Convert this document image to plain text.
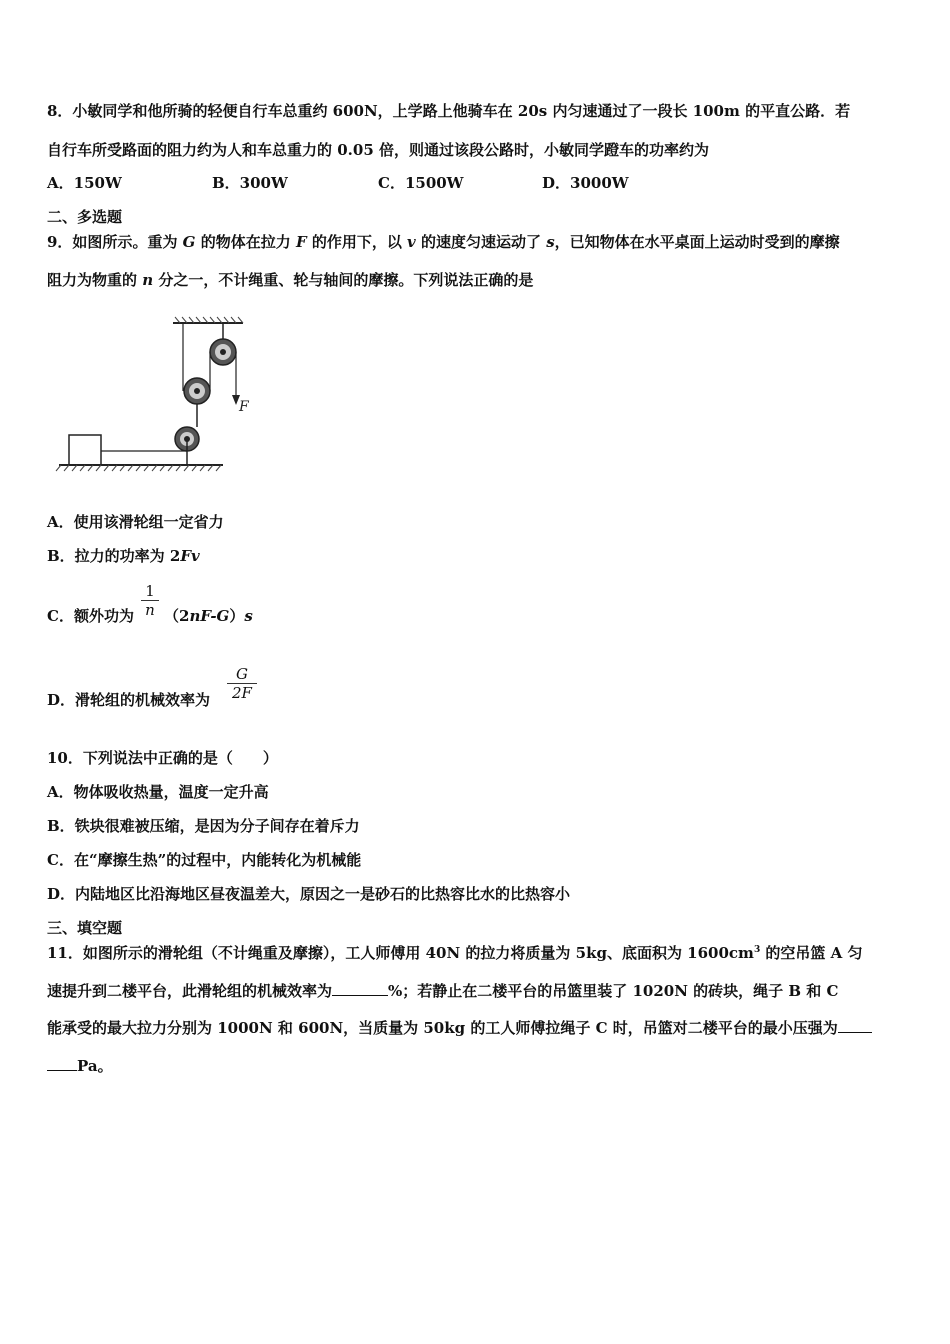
8．小敏同学和他所骑的轻便自行车总重约 600N，上学路上他骑车在 20s 内匀速通过了一段长 100m 的平直公路．若
自行车所受路面的阻力约为人和车总重力的 0.05 倍，则通过该段公路时，小敏同学蹬车的功率约为
A．150W	B．300W	C．1500W	D．3000W
二、多选题
9．如图所示。重为 G 的物体在拉力 F 的作用下，以 v 的速度匀速运动了 s，已知物体在水平桌面上运动时受到的摩擦
阻力为物重的 n 分之一，不计绳重、轮与轴间的摩擦。下列说法正确的是
F
A．使用该滑轮组一定省力
B．拉力的功率为 2Fv
C．额外功为
1
n （2nF-G）s
D．滑轮组的机械效率为
G
2F
10．下列说法中正确的是（　　）
A．物体吸收热量，温度一定升高
B．铁块很难被压缩，是因为分子间存在着斥力
C．在“摩擦生热”的过程中，内能转化为机械能
D．内陆地区比沿海地区昼夜温差大，原因之一是砂石的比热容比水的比热容小
三、填空题
11．如图所示的滑轮组（不计绳重及摩擦），工人师傅用 40N 的拉力将质量为 5kg、底面积为 $1600cm^3$ 的空吊篮 A 匀
速提升到二楼平台，此滑轮组的机械效率为	%；若静止在二楼平台的吊篮里装了 1020N 的砖块，绳子 B 和 C
能承受的最大拉力分别为 1000N 和 600N，当质量为 50kg 的工人师傅拉绳子 C 时，吊篮对二楼平台的最小压强为
Pa。
